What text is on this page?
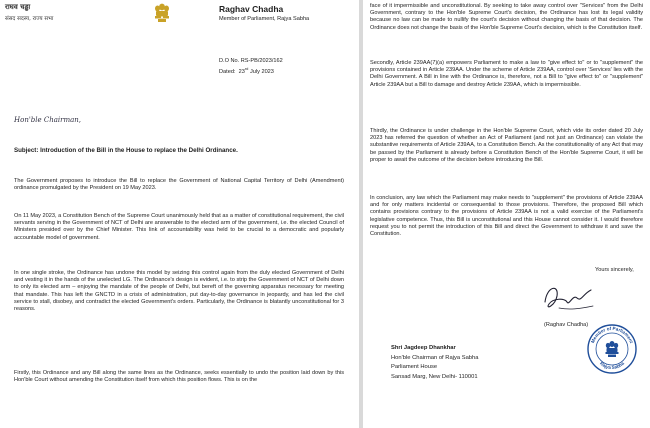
राघव चड्ढा
संसद सदस्य, राज्य सभा
Raghav Chadha
Member of Parliament, Rajya Sabha
D.O No. RS-PB/2023/162
Dated: 23rd July 2023
Hon'ble Chairman,

Subject: Introduction of the Bill in the House to replace the Delhi Ordinance.

The Government proposes to introduce the Bill to replace the Government of National Capital Territory of Delhi (Amendment) ordinance promulgated by the President on 19 May 2023.

On 11 May 2023, a Constitution Bench of the Supreme Court unanimously held that as a matter of constitutional requirement, the civil servants serving in the Government of NCT of Delhi are answerable to the elected arm of the government, i.e. the elected Council of Ministers presided over by the Chief Minister. This link of accountability was held to be crucial to a democratic and popularly accountable model of government.

In one single stroke, the Ordinance has undone this model by seizing this control again from the duly elected Government of Delhi and vesting it in the hands of the unelected LG. The Ordinance's design is evident, i.e. to strip the Government of NCT of Delhi down to only its elected arm – enjoying the mandate of the people of Delhi, but bereft of the governing apparatus necessary for meeting that mandate. This has left the GNCTD in a crisis of administration, put day-to-day governance in jeopardy, and has led the civil service to stall, disobey, and contradict the elected Government's orders. Particularly, the Ordinance is blatantly unconstitutional for 3 reasons.

Firstly, this Ordinance and any Bill along the same lines as the Ordinance, seeks essentially to undo the position laid down by this Hon'ble Court without amending the Constitution itself from which this position flows. This is on the

face of it impermissible and unconstitutional. By seeking to take away control over "Services" from the Delhi Government, contrary to the Hon'ble Supreme Court's decision, the Ordinance has lost its legal validity because no law can be made to nullify the court's decision without changing the basis of that decision. The Ordinance does not change the basis of the Hon'ble Supreme Court's decision, which is the Constitution itself.

Secondly, Article 239AA(7)(a) empowers Parliament to make a law to "give effect to" or to "supplement" the provisions contained in Article 239AA. Under the scheme of Article 239AA, control over 'Services' lies with the Delhi Government. A Bill in line with the Ordinance is, therefore, not a Bill to "give effect to" or "supplement" Article 239AA but a Bill to damage and destroy Article 239AA, which is impermissible.

Thirdly, the Ordinance is under challenge in the Hon'ble Supreme Court, which vide its order dated 20 July 2023 has referred the question of whether an Act of Parliament (and not just an Ordinance) can violate the substantive requirements of Article 239AA, to a Constitution Bench. As the constitutionality of any Act that may be passed by the Parliament is already before a Constitution Bench of the Hon'ble Supreme Court, it will be proper to await the outcome of the decision before introducing the Bill.

In conclusion, any law which the Parliament may make needs to "supplement" the provisions of Article 239AA and for only matters incidental or consequential to those provisions. Therefore, the proposed Bill which contains provisions contrary to the provisions of Article 239AA is not a valid exercise of the Parliament's legislative competence. Thus, this Bill is unconstitutional and this House cannot consider it. I would therefore request you to not permit the introduction of this Bill and direct the Government to withdraw it and save the Constitution.

Yours sincerely,
(Raghav Chadha)
Shri Jagdeep Dhankhar
Hon'ble Chairman of Rajya Sabha
Parliament House
Sansad Marg, New Delhi- 110001
Member of Parliament
Rajya Sabha
